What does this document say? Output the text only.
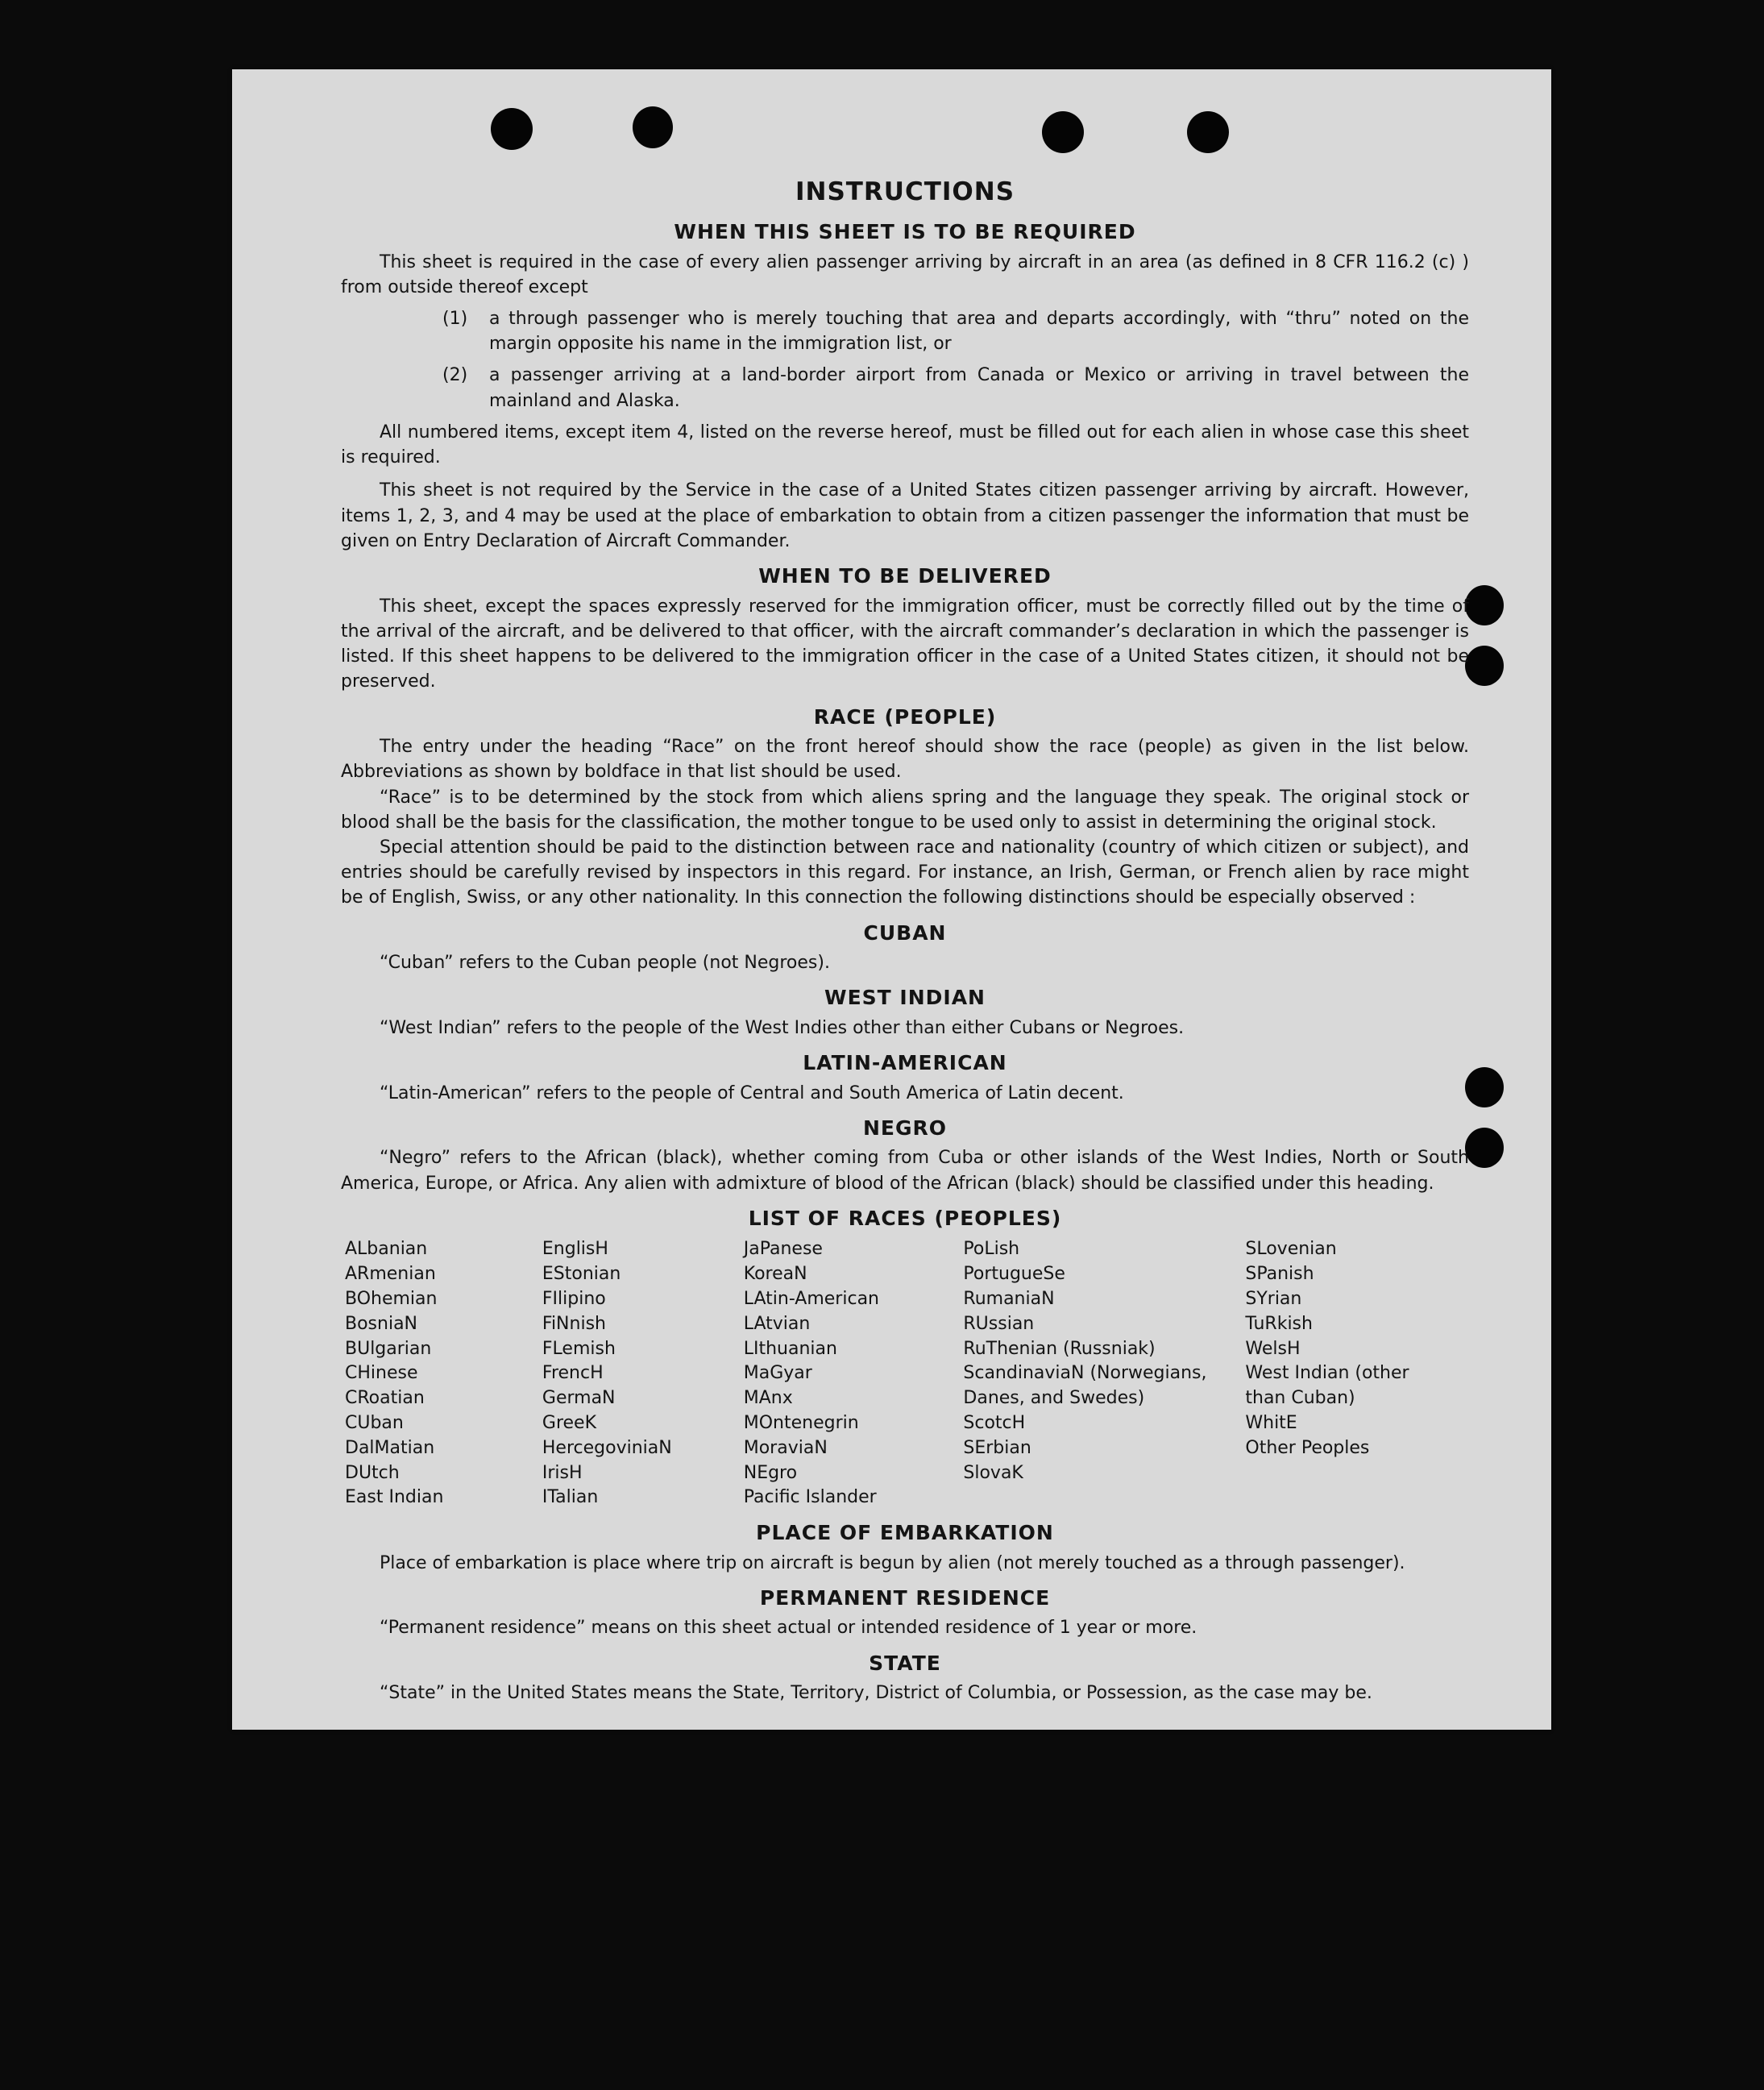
INSTRUCTIONS
WHEN THIS SHEET IS TO BE REQUIRED

This sheet is required in the case of every alien passenger arriving by aircraft in an area (as defined in 8 CFR 116.2 (c) ) from outside thereof except

(1)	a through passenger who is merely touching that area and departs accordingly, with “thru” noted on the margin opposite his name in the immigration list, or
(2)	a passenger arriving at a land-border airport from Canada or Mexico or arriving in travel between the mainland and Alaska.

All numbered items, except item 4, listed on the reverse hereof, must be filled out for each alien in whose case this sheet is required.

This sheet is not required by the Service in the case of a United States citizen passenger arriving by aircraft. However, items 1, 2, 3, and 4 may be used at the place of embarkation to obtain from a citizen passenger the information that must be given on Entry Declaration of Aircraft Commander.

WHEN TO BE DELIVERED

This sheet, except the spaces expressly reserved for the immigration officer, must be correctly filled out by the time of the arrival of the aircraft, and be delivered to that officer, with the aircraft commander’s declaration in which the passenger is listed. If this sheet happens to be delivered to the immigration officer in the case of a United States citizen, it should not be preserved.

RACE (PEOPLE)

The entry under the heading “Race” on the front hereof should show the race (people) as given in the list below. Abbreviations as shown by boldface in that list should be used.

“Race” is to be determined by the stock from which aliens spring and the language they speak. The original stock or blood shall be the basis for the classification, the mother tongue to be used only to assist in determining the original stock.

Special attention should be paid to the distinction between race and nationality (country of which citizen or subject), and entries should be carefully revised by inspectors in this regard. For instance, an Irish, German, or French alien by race might be of English, Swiss, or any other nationality. In this connection the following distinctions should be especially observed :

CUBAN

“Cuban” refers to the Cuban people (not Negroes).

WEST INDIAN

“West Indian” refers to the people of the West Indies other than either Cubans or Negroes.

LATIN-AMERICAN

“Latin-American” refers to the people of Central and South America of Latin decent.

NEGRO

“Negro” refers to the African (black), whether coming from Cuba or other islands of the West Indies, North or South America, Europe, or Africa. Any alien with admixture of blood of the African (black) should be classified under this heading.

LIST OF RACES (PEOPLES)
ALbanian
ARmenian
BOhemian
BosniaN
BUlgarian
CHinese
CRoatian
CUban
DalMatian
DUtch
East Indian
EnglisH
EStonian
FIlipino
FiNnish
FLemish
FrencH
GermaN
GreeK
HercegoviniaN
IrisH
ITalian
JaPanese
KoreaN
LAtin-American
LAtvian
LIthuanian
MaGyar
MAnx
MOntenegrin
MoraviaN
NEgro
Pacific Islander
PoLish
PortugueSe
RumaniaN
RUssian
RuThenian (Russniak)
ScandinaviaN (Norwegians, Danes, and Swedes)
ScotcH
SErbian
SlovaK
SLovenian
SPanish
SYrian
TuRkish
WelsH
West Indian (other than Cuban)
WhitE
Other Peoples
PLACE OF EMBARKATION

Place of embarkation is place where trip on aircraft is begun by alien (not merely touched as a through passenger).

PERMANENT RESIDENCE

“Permanent residence” means on this sheet actual or intended residence of 1 year or more.

STATE

“State” in the United States means the State, Territory, District of Columbia, or Possession, as the case may be.
